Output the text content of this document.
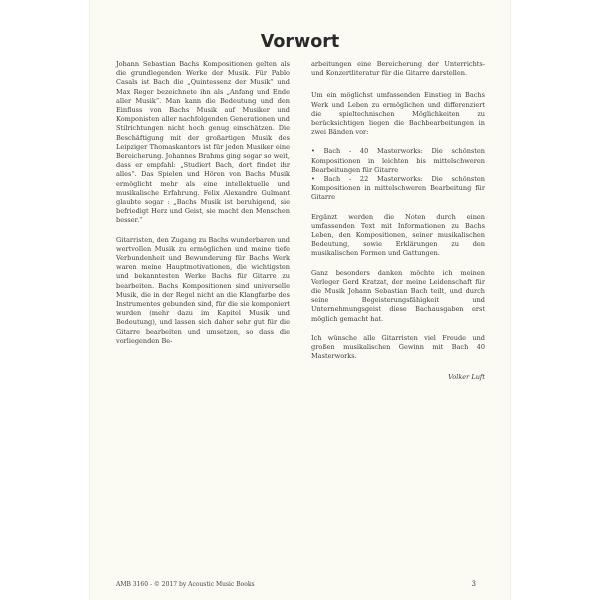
Vorwort

Johann Sebastian Bachs Kompositionen gelten als die grundlegenden Werke der Musik. Für Pablo Casals ist Bach die „Quintessenz der Musik“ und Max Reger bezeichnete ihn als „Anfang und Ende aller Musik“. Man kann die Bedeutung und den Einfluss von Bachs Musik auf Musiker und Komponisten aller nachfolgenden Generationen und Stilrichtungen nicht hoch genug einschätzen. Die Beschäftigung mit der großartigen Musik des Leipziger Thomaskantors ist für jeden Musiker eine Bereicherung. Johannes Brahms ging sogar so weit, dass er empfahl: „Studiert Bach, dort findet ihr alles“. Das Spielen und Hören von Bachs Musik ermöglicht mehr als eine intellektuelle und musikalische Erfahrung. Felix Alexandre Gulmant glaubte sogar : „Bachs Musik ist beruhigend, sie befriedigt Herz und Geist, sie macht den Menschen besser.“

Gitarristen, den Zugang zu Bachs wunderbaren und wertvollen Musik zu ermöglichen und meine tiefe Verbundenheit und Bewunderung für Bachs Werk waren meine Hauptmotivationen, die wichtigsten und bekanntesten Werke Bachs für Gitarre zu bearbeiten. Bachs Kompositionen sind universelle Musik, die in der Regel nicht an die Klangfarbe des Instrumentes gebunden sind, für die sie komponiert wurden (mehr dazu im Kapitel Musik und Bedeutung), und lassen sich daher sehr gut für die Gitarre bearbeiten und umsetzen, so dass die vorliegenden Be-

arbeitungen eine Bereicherung der Unterrichts- und Konzertliteratur für die Gitarre darstellen.

Um ein möglichst umfassenden Einstieg in Bachs Werk und Leben zu ermöglichen und differenziert die spieltechnischen Möglichkeiten zu berücksichtigen liegen die Bachbearbeitungen in zwei Bänden vor:

• Bach - 40 Masterworks: Die schönsten Kompositionen in leichten bis mittelschweren Bearbeitungen für Gitarre

• Bach - 22 Masterworks: Die schönsten Kompositionen in mittelschweren Bearbeitung für Gitarre

Ergänzt werden die Noten durch einen umfassenden Text mit Informationen zu Bachs Leben, den Kompositionen, seiner musikalischen Bedeutung, sowie Erklärungen zu den musikalischen Formen und Gattungen.

Ganz besonders danken möchte ich meinen Verleger Gerd Kratzat, der meine Leidenschaft für die Musik Johann Sebastian Bach teilt, und durch seine Begeisterungsfähigkeit und Unternehmungsgeist diese Bachausgaben erst möglich gemacht hat.

Ich wünsche alle Gitarristen viel Freude und großen musikalischen Gewinn mit Bach 40 Masterworks.

Volker Luft

AMB 3160 - © 2017 by Acoustic Music Books	3
